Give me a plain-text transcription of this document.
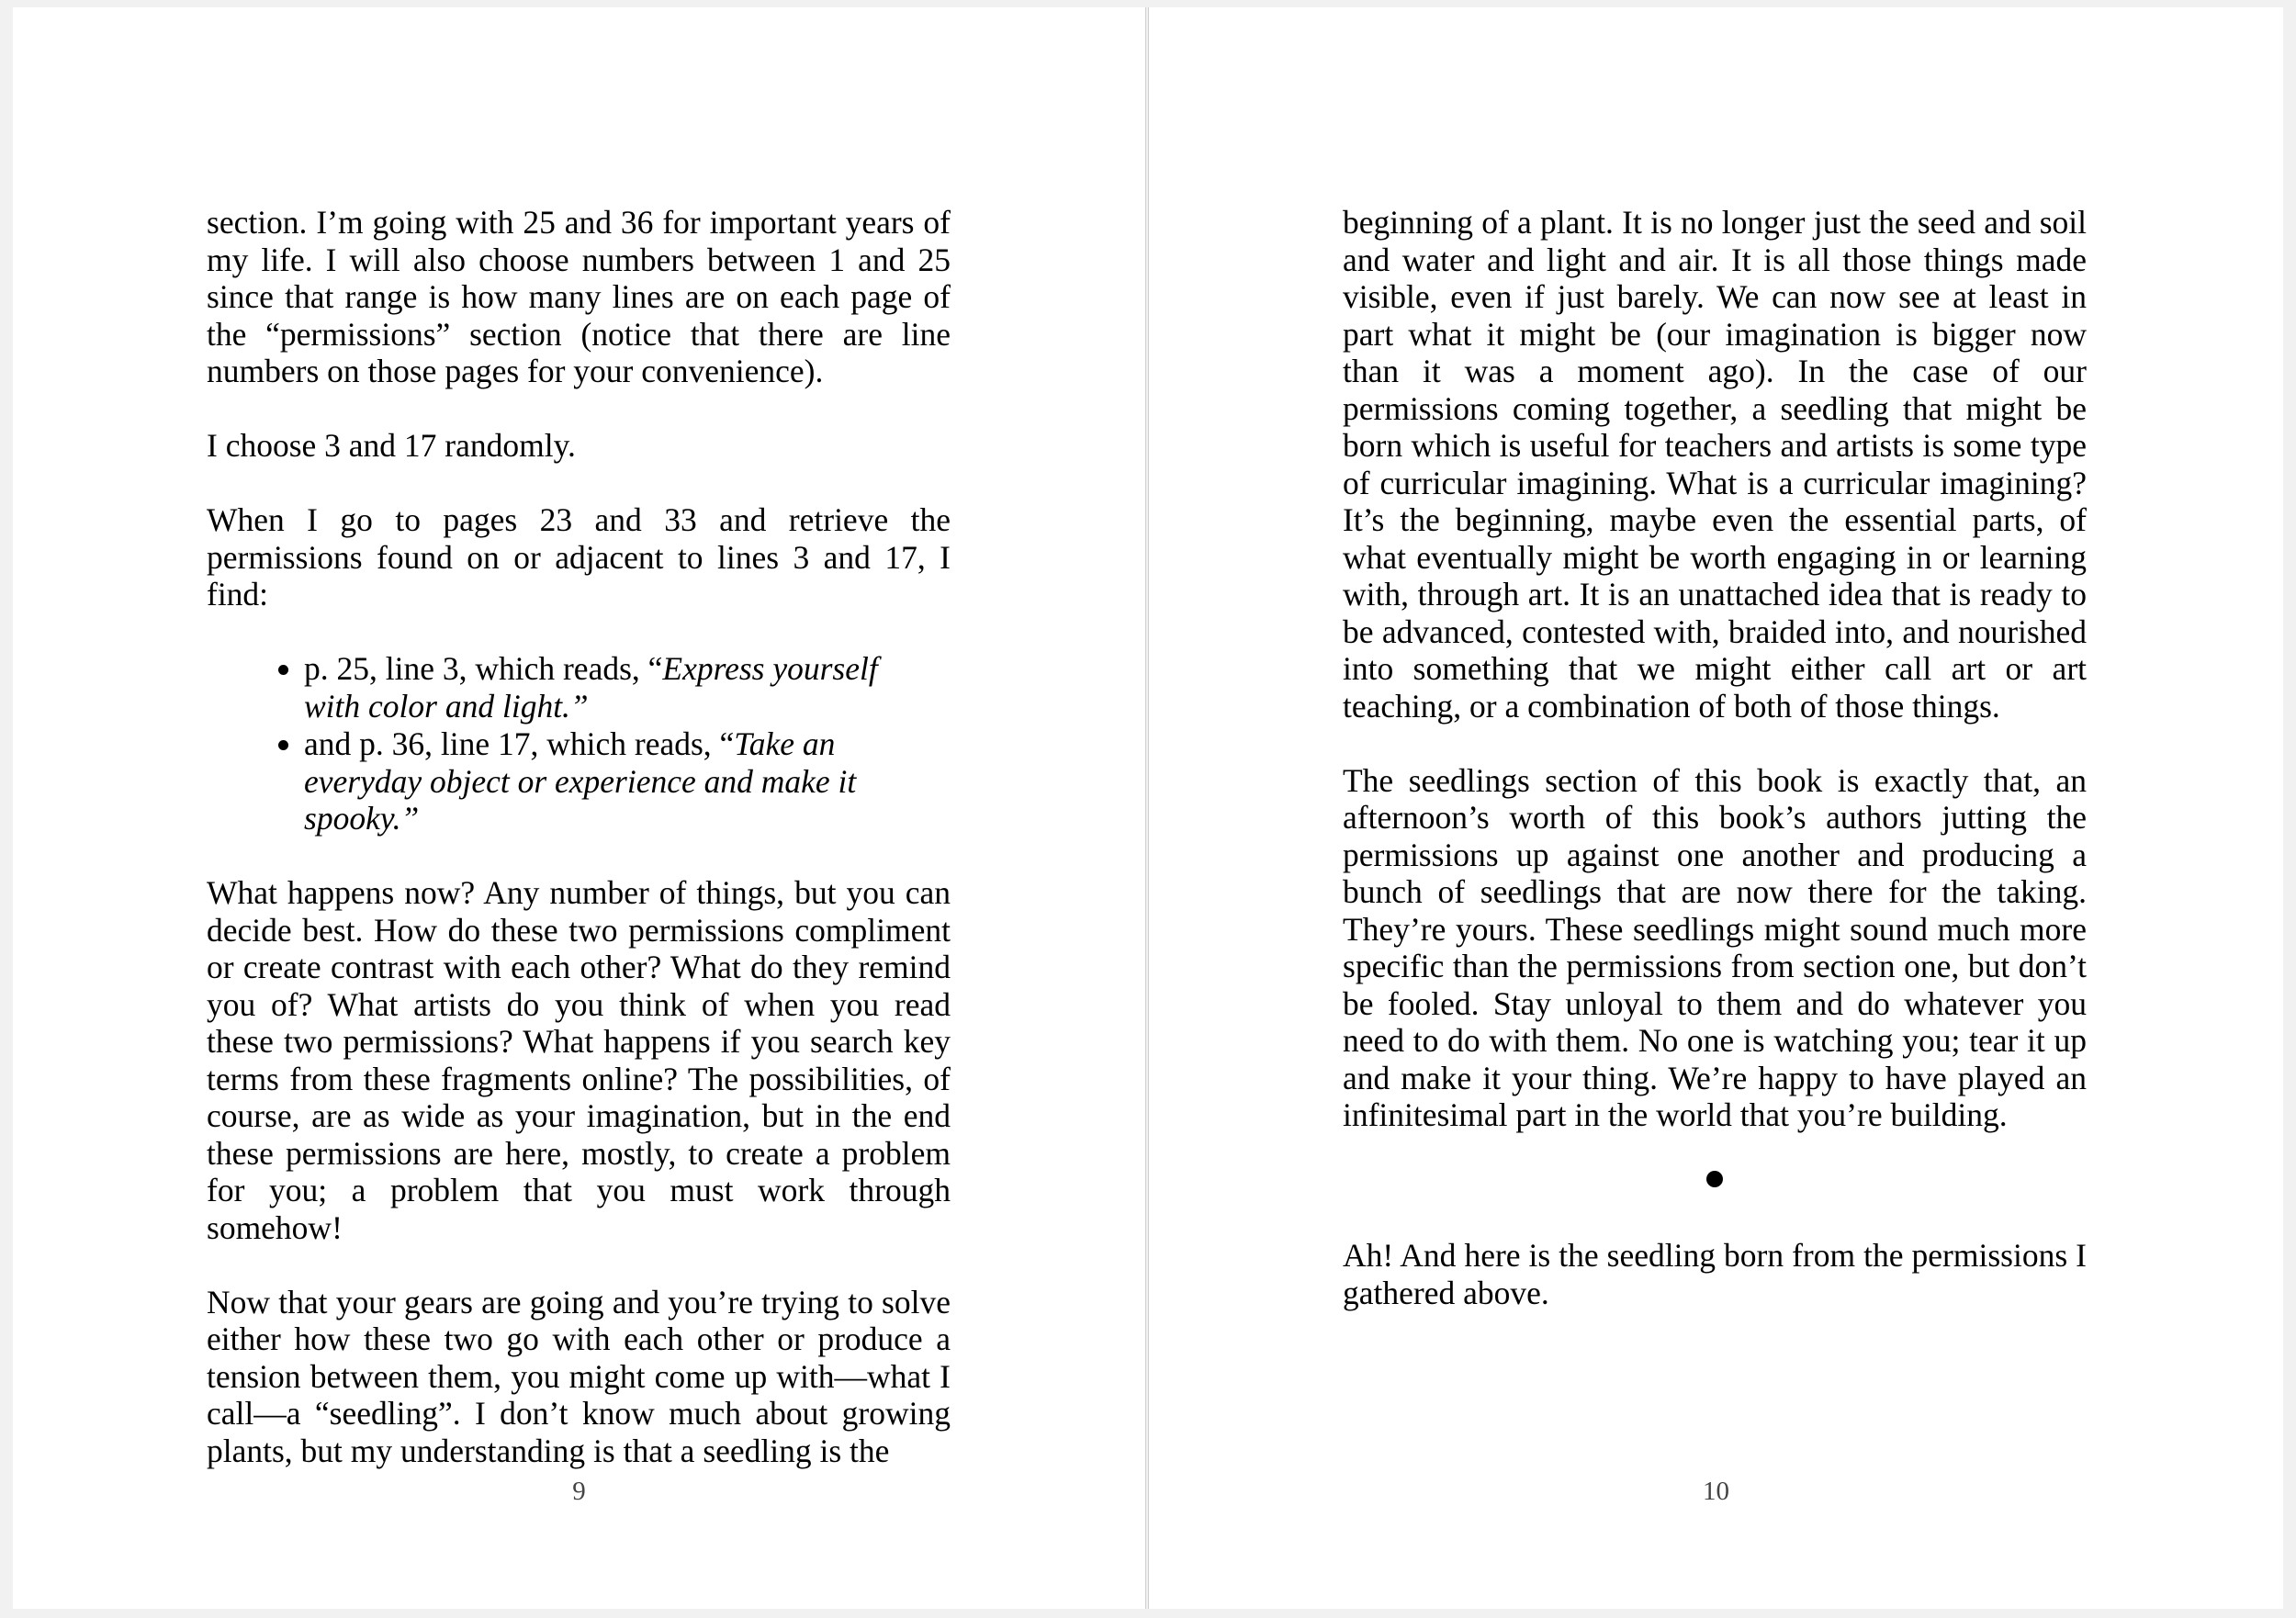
section. I’m going with 25 and 36 for important years of my life. I will also choose numbers between 1 and 25 since that range is how many lines are on each page of the “permissions” section (notice that there are line numbers on those pages for your convenience).

I choose 3 and 17 randomly.

When I go to pages 23 and 33 and retrieve the permissions found on or adjacent to lines 3 and 17, I find:

• p. 25, line 3, which reads, “Express yourself with color and light.”
• and p. 36, line 17, which reads, “Take an everyday object or experience and make it spooky.”

What happens now? Any number of things, but you can decide best. How do these two permissions compliment or create contrast with each other? What do they remind you of? What artists do you think of when you read these two permissions? What happens if you search key terms from these fragments online? The possibilities, of course, are as wide as your imagination, but in the end these permissions are here, mostly, to create a problem for you; a problem that you must work through somehow!

Now that your gears are going and you’re trying to solve either how these two go with each other or produce a tension between them, you might come up with—what I call—a “seedling”. I don’t know much about growing plants, but my understanding is that a seedling is the

9

beginning of a plant. It is no longer just the seed and soil and water and light and air. It is all those things made visible, even if just barely. We can now see at least in part what it might be (our imagination is bigger now than it was a moment ago). In the case of our permissions coming together, a seedling that might be born which is useful for teachers and artists is some type of curricular imagining. What is a curricular imagining? It’s the beginning, maybe even the essential parts, of what eventually might be worth engaging in or learning with, through art. It is an unattached idea that is ready to be advanced, contested with, braided into, and nourished into something that we might either call art or art teaching, or a combination of both of those things.

The seedlings section of this book is exactly that, an afternoon’s worth of this book’s authors jutting the permissions up against one another and producing a bunch of seedlings that are now there for the taking. They’re yours. These seedlings might sound much more specific than the permissions from section one, but don’t be fooled. Stay unloyal to them and do whatever you need to do with them. No one is watching you; tear it up and make it your thing. We’re happy to have played an infinitesimal part in the world that you’re building.

Ah! And here is the seedling born from the permissions I gathered above.

10
